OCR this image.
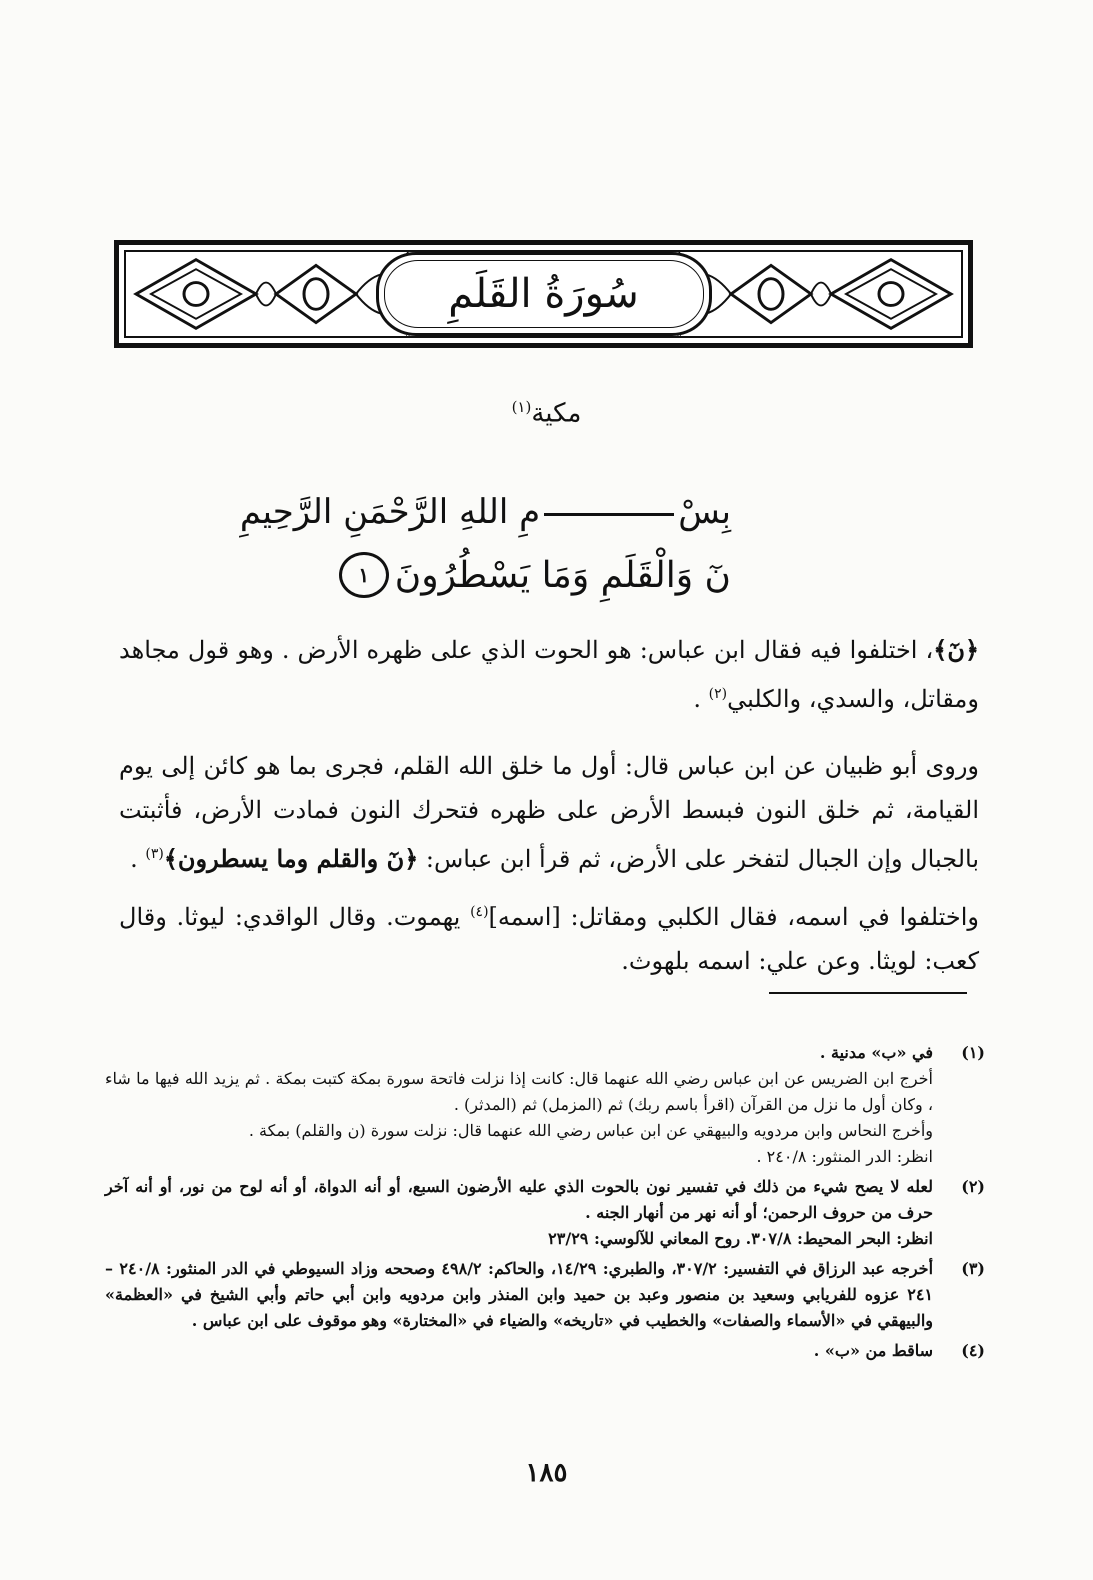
سُورَةُ القَلَمِ
مكية$^{(١)}$
بِسْمِ اللهِ الرَّحْمَنِ الرَّحِيمِ
نٓ وَالْقَلَمِ وَمَا يَسْطُرُونَ
١
﴿نٓ﴾، اختلفوا فيه فقال ابن عباس: هو الحوت الذي على ظهره الأرض . وهو قول مجاهد ومقاتل، والسدي، والكلبي$^{(٢)}$ .
وروى أبو ظبيان عن ابن عباس قال: أول ما خلق الله القلم، فجرى بما هو كائن إلى يوم القيامة، ثم خلق النون فبسط الأرض على ظهره فتحرك النون فمادت الأرض، فأثبتت بالجبال وإن الجبال لتفخر على الأرض، ثم قرأ ابن عباس: ﴿نٓ والقلم وما يسطرون﴾$^{(٣)}$ .
واختلفوا في اسمه، فقال الكلبي ومقاتل: [اسمه]$^{(٤)}$ يهموت. وقال الواقدي: ليوثا. وقال كعب: لويثا. وعن علي: اسمه بلهوث.
(١)
في «ب» مدنية .
أخرج ابن الضريس عن ابن عباس رضي الله عنهما قال: كانت إذا نزلت فاتحة سورة بمكة كتبت بمكة . ثم يزيد الله فيها ما شاء ، وكان أول ما نزل من القرآن (اقرأ باسم ربك) ثم (المزمل) ثم (المدثر) .
وأخرج النحاس وابن مردويه والبيهقي عن ابن عباس رضي الله عنهما قال: نزلت سورة (ن والقلم) بمكة .
انظر: الدر المنثور: ٢٤٠/٨ .
(٢)
لعله لا يصح شيء من ذلك في تفسير نون بالحوت الذي عليه الأرضون السبع، أو أنه الدواة، أو أنه لوح من نور، أو أنه آخر حرف من حروف الرحمن؛ أو أنه نهر من أنهار الجنه .
انظر: البحر المحيط: ٣٠٧/٨. روح المعاني للآلوسي: ٢٣/٢٩
(٣)
أخرجه عبد الرزاق في التفسير: ٣٠٧/٢، والطبري: ١٤/٢٩، والحاكم: ٤٩٨/٢ وصححه وزاد السيوطي في الدر المنثور: ٢٤٠/٨ – ٢٤١ عزوه للفريابي وسعيد بن منصور وعبد بن حميد وابن المنذر وابن مردويه وابن أبي حاتم وأبي الشيخ في «العظمة» والبيهقي في «الأسماء والصفات» والخطيب في «تاريخه» والضياء في «المختارة» وهو موقوف على ابن عباس .
(٤)
ساقط من «ب» .
١٨٥
